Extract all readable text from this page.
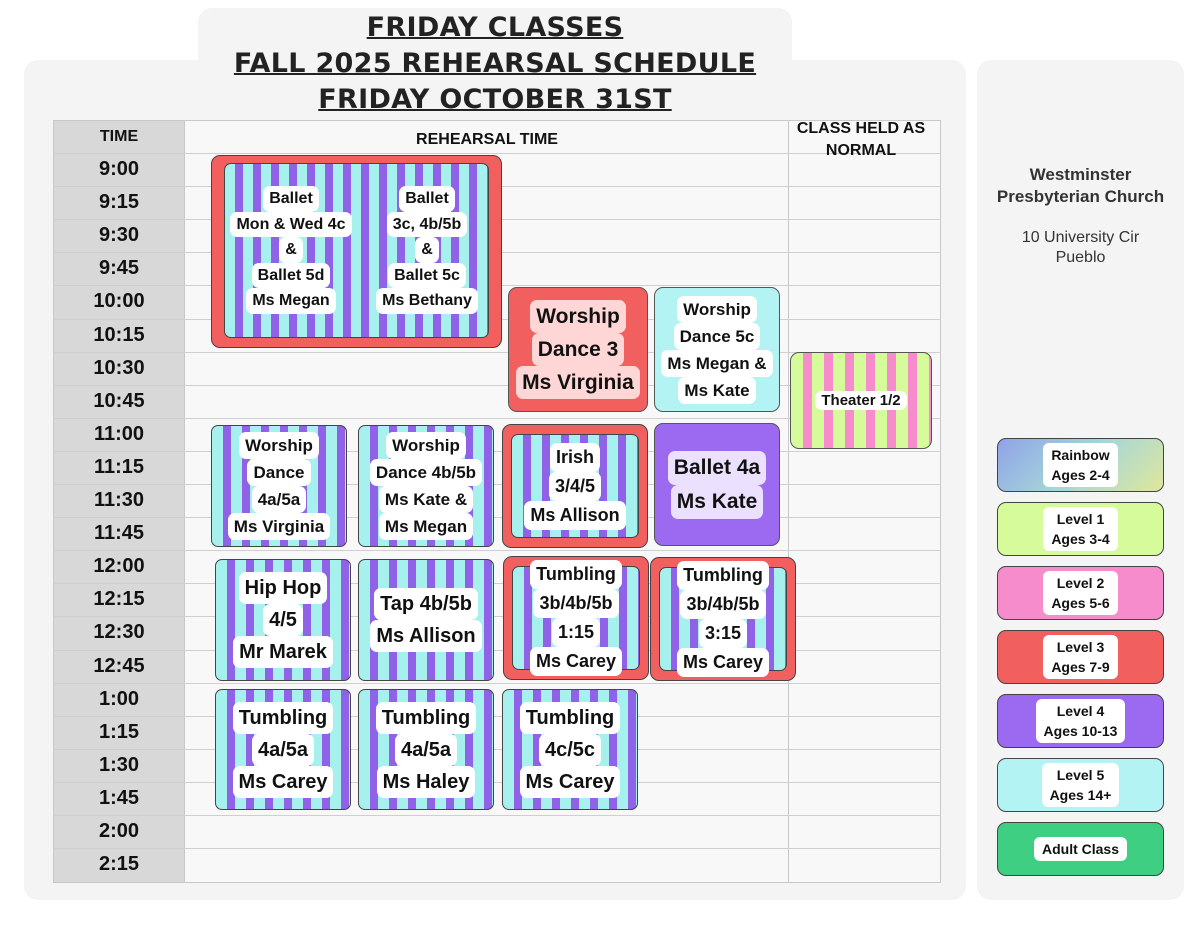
FRIDAY CLASSES
FALL 2025 REHEARSAL SCHEDULE
FRIDAY OCTOBER 31ST
TIME	REHEARSAL TIME
CLASS HELD AS NORMAL
9:00
9:15
9:30
9:45
10:00
10:15
10:30
10:45
11:00
11:15
11:30
11:45
12:00
12:15
12:30
12:45
1:00
1:15
1:30
1:45
2:00
2:15
Ballet
Mon & Wed 4c
&
Ballet 5d
Ms Megan
Ballet
3c, 4b/5b
&
Ballet 5c
Ms Bethany
Worship
Dance 3
Ms Virginia
Worship
Dance 5c
Ms Megan &
Ms Kate
Theater 1/2
Worship
Dance
4a/5a
Ms Virginia
Worship
Dance 4b/5b
Ms Kate &
Ms Megan
Irish
3/4/5
Ms Allison
Ballet 4a
Ms Kate
Hip Hop
4/5
Mr Marek
Tap 4b/5b
Ms Allison
Tumbling
3b/4b/5b
1:15
Ms Carey
Tumbling
3b/4b/5b
3:15
Ms Carey
Tumbling
4a/5a
Ms Carey
Tumbling
4a/5a
Ms Haley
Tumbling
4c/5c
Ms Carey
Westminster Presbyterian Church
10 University Cir
Pueblo
Rainbow
Ages 2-4
Level 1
Ages 3-4
Level 2
Ages 5-6
Level 3
Ages 7-9
Level 4
Ages 10-13
Level 5
Ages 14+
Adult Class
